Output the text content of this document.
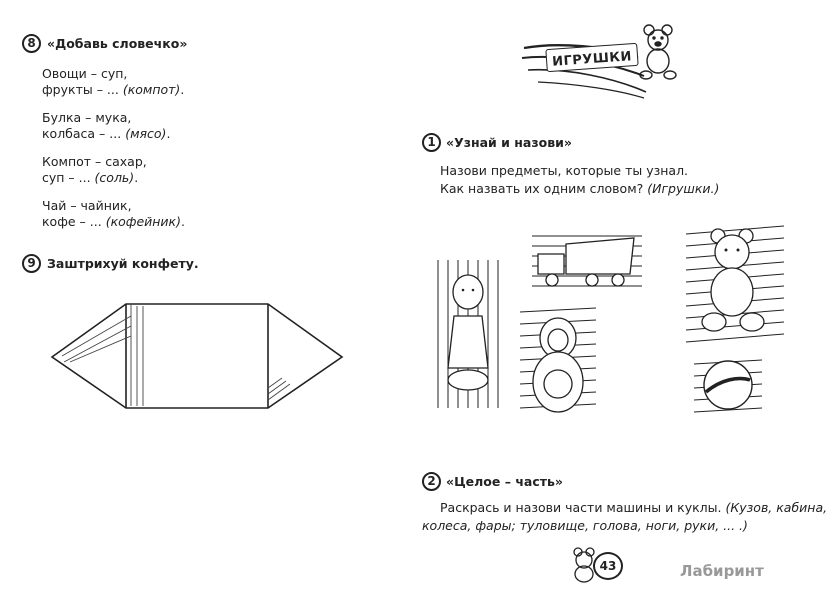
8 «Добавь словечко»
Овощи – суп,
фрукты – ... (компот).
Булка – мука,
колбаса – ... (мясо).
Компот – сахар,
суп – ... (соль).
Чай – чайник,
кофе – ... (кофейник).
9 Заштрихуй конфету.
ИГРУШКИ
1 «Узнай и назови»
Назови предметы, которые ты узнал.
Как назвать их одним словом? (Игрушки.)
2 «Целое – часть»
Раскрась и назови части машины и куклы. (Кузов, кабина,
колеса, фары; туловище, голова, ноги, руки, ... .)
43	Лабиринт
